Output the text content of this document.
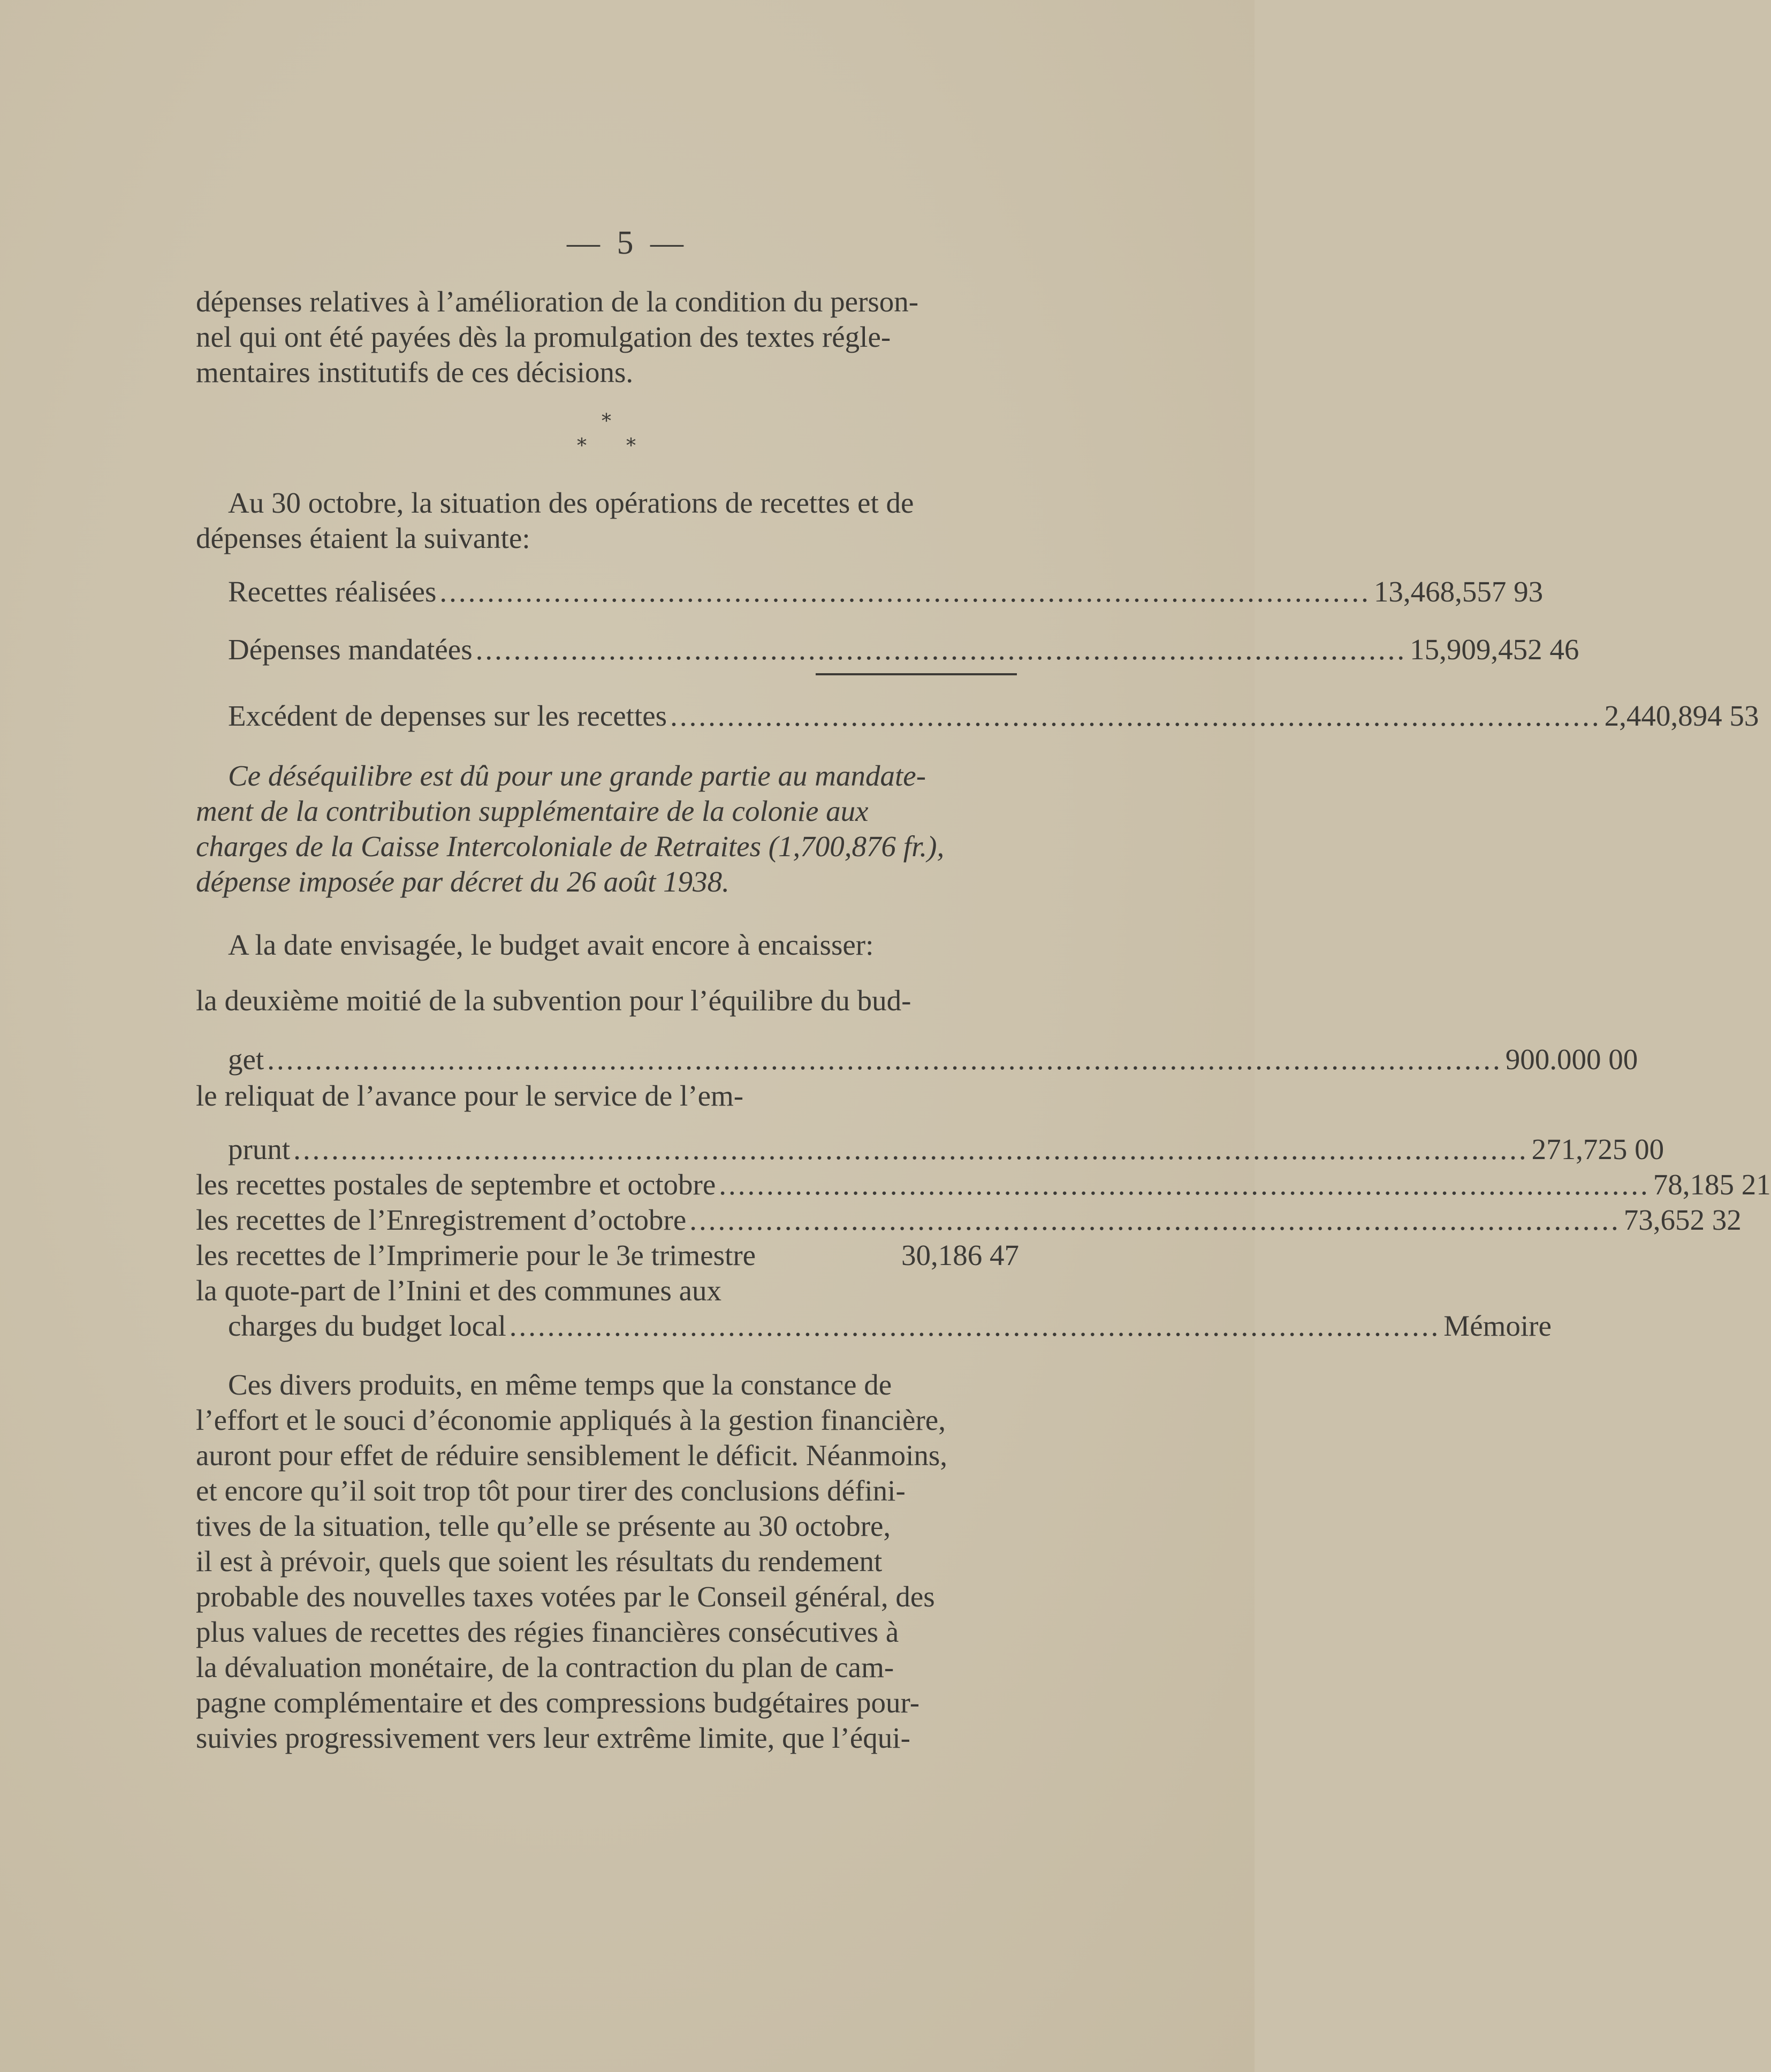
— 5 —
dépenses relatives à l’amélioration de la condition du person-
nel qui ont été payées dès la promulgation des textes régle-
mentaires institutifs de ces décisions.
*
* *
Au 30 octobre, la situation des opérations de recettes et de
dépenses étaient la suivante:
Recettes réalisées .................................................................................................. 13,468,557 93
Dépenses mandatées .................................................................................................. 15,909,452 46
Excédent de depenses sur les recettes .................................................................................................. 2,440,894 53
Ce déséquilibre est dû pour une grande partie au mandate-
ment de la contribution supplémentaire de la colonie aux
charges de la Caisse Intercoloniale de Retraites (1,700,876 fr.),
dépense imposée par décret du 26 août 1938.
A la date envisagée, le budget avait encore à encaisser:
la deuxième moitié de la subvention pour l’équilibre du bud-
get .................................................................................................................................. 900.000 00
le reliquat de l’avance pour le service de l’em-
prunt .................................................................................................................................. 271,725 00
les recettes postales de septembre et octobre .................................................................................................. 78,185 21
les recettes de l’Enregistrement d’octobre .................................................................................................. 73,652 32
les recettes de l’Imprimerie pour le 3e trimestre	30,186 47
la quote-part de l’Inini et des communes aux
charges du budget local .................................................................................................. Mémoire
Ces divers produits, en même temps que la constance de
l’effort et le souci d’économie appliqués à la gestion financière,
auront pour effet de réduire sensiblement le déficit. Néanmoins,
et encore qu’il soit trop tôt pour tirer des conclusions défini-
tives de la situation, telle qu’elle se présente au 30 octobre,
il est à prévoir, quels que soient les résultats du rendement
probable des nouvelles taxes votées par le Conseil général, des
plus values de recettes des régies financières consécutives à
la dévaluation monétaire, de la contraction du plan de cam-
pagne complémentaire et des compressions budgétaires pour-
suivies progressivement vers leur extrême limite, que l’équi-
